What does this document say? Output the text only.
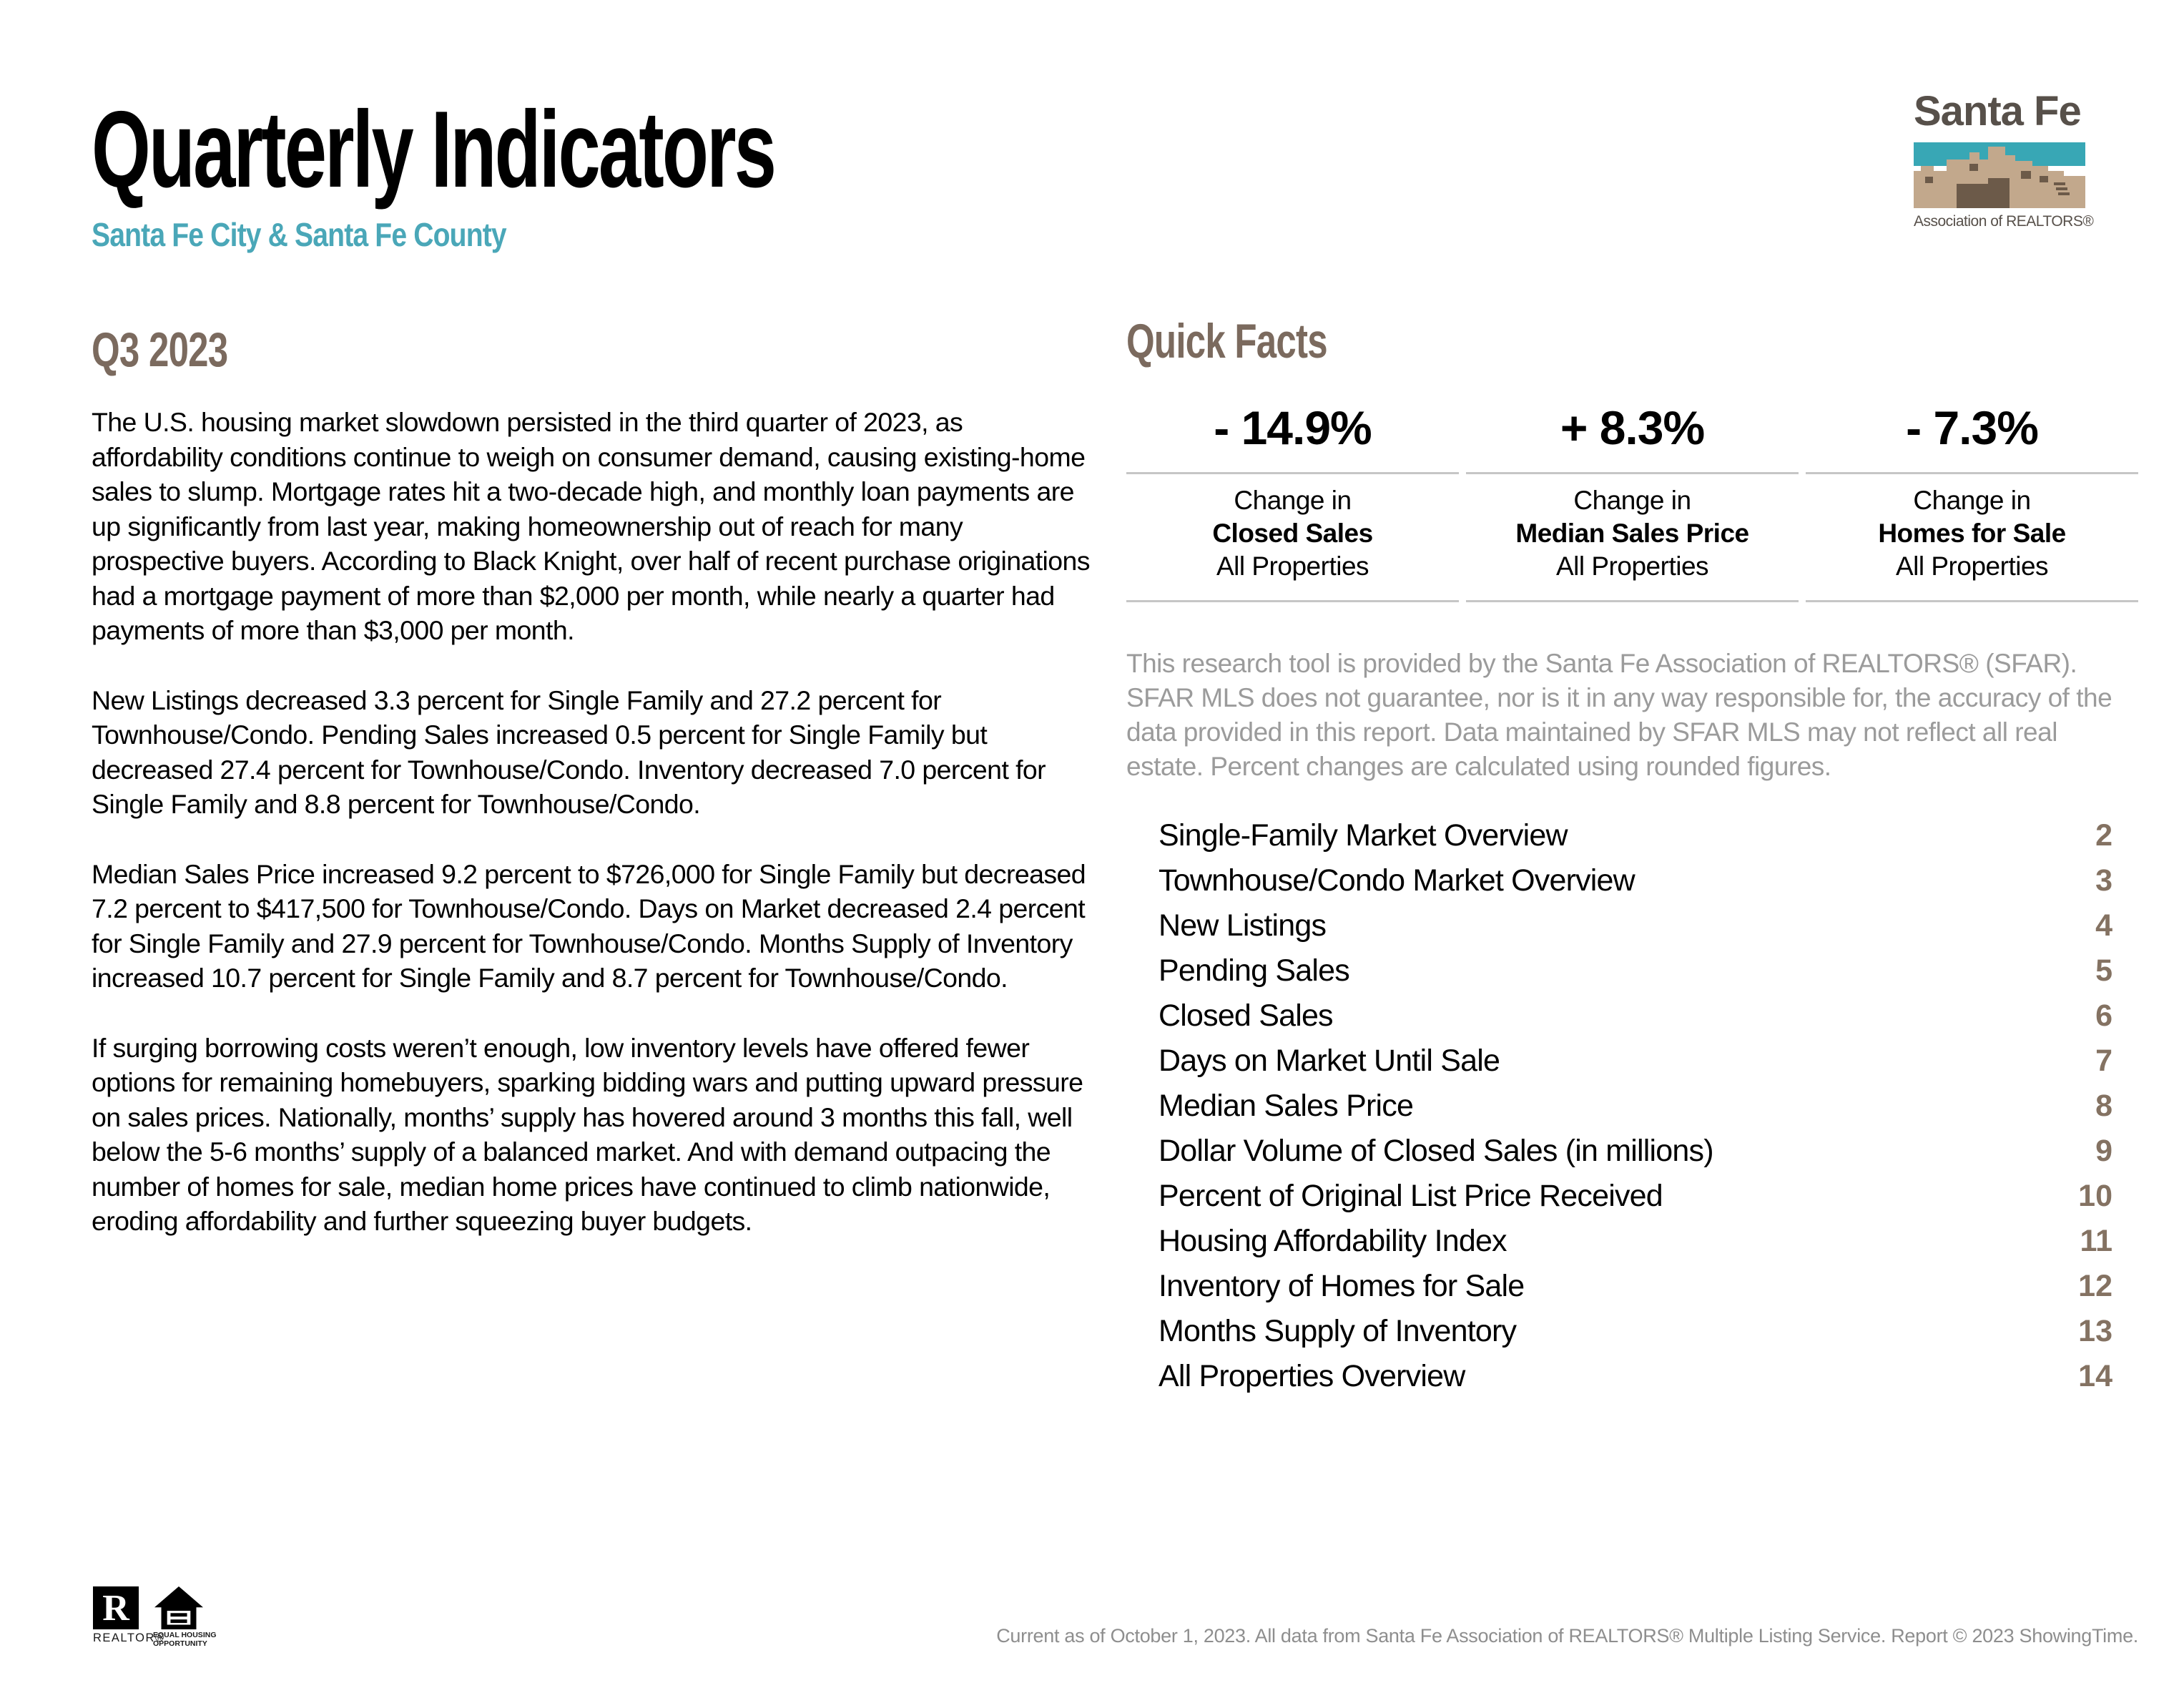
Quarterly Indicators
Santa Fe City & Santa Fe County
Santa Fe
Association of REALTORS®
Q3 2023

The U.S. housing market slowdown persisted in the third quarter of 2023, as affordability conditions continue to weigh on consumer demand, causing existing-home sales to slump. Mortgage rates hit a two-decade high, and monthly loan payments are up significantly from last year, making homeownership out of reach for many prospective buyers. According to Black Knight, over half of recent purchase originations had a mortgage payment of more than $2,000 per month, while nearly a quarter had payments of more than $3,000 per month.

New Listings decreased 3.3 percent for Single Family and 27.2 percent for Townhouse/Condo. Pending Sales increased 0.5 percent for Single Family but decreased 27.4 percent for Townhouse/Condo. Inventory decreased 7.0 percent for Single Family and 8.8 percent for Townhouse/Condo.

Median Sales Price increased 9.2 percent to $726,000 for Single Family but decreased 7.2 percent to $417,500 for Townhouse/Condo. Days on Market decreased 2.4 percent for Single Family and 27.9 percent for Townhouse/Condo. Months Supply of Inventory increased 10.7 percent for Single Family and 8.7 percent for Townhouse/Condo.

If surging borrowing costs weren’t enough, low inventory levels have offered fewer options for remaining homebuyers, sparking bidding wars and putting upward pressure on sales prices. Nationally, months’ supply has hovered around 3 months this fall, well below the 5-6 months’ supply of a balanced market. And with demand outpacing the number of homes for sale, median home prices have continued to climb nationwide, eroding affordability and further squeezing buyer budgets.

Quick Facts
- 14.9%
Change in
Closed Sales
All Properties
+ 8.3%
Change in
Median Sales Price
All Properties
- 7.3%
Change in
Homes for Sale
All Properties
This research tool is provided by the Santa Fe Association of REALTORS® (SFAR). SFAR MLS does not guarantee, nor is it in any way responsible for, the accuracy of the data provided in this report. Data maintained by SFAR MLS may not reflect all real estate. Percent changes are calculated using rounded figures.
Single-Family Market Overview	2
Townhouse/Condo Market Overview	3
New Listings	4
Pending Sales	5
Closed Sales	6
Days on Market Until Sale	7
Median Sales Price	8
Dollar Volume of Closed Sales (in millions)	9
Percent of Original List Price Received	10
Housing Affordability Index	11
Inventory of Homes for Sale	12
Months Supply of Inventory	13
All Properties Overview	14
R
REALTOR®
EQUAL HOUSING
OPPORTUNITY	Current as of October 1, 2023. All data from Santa Fe Association of REALTORS® Multiple Listing Service. Report © 2023 ShowingTime.
